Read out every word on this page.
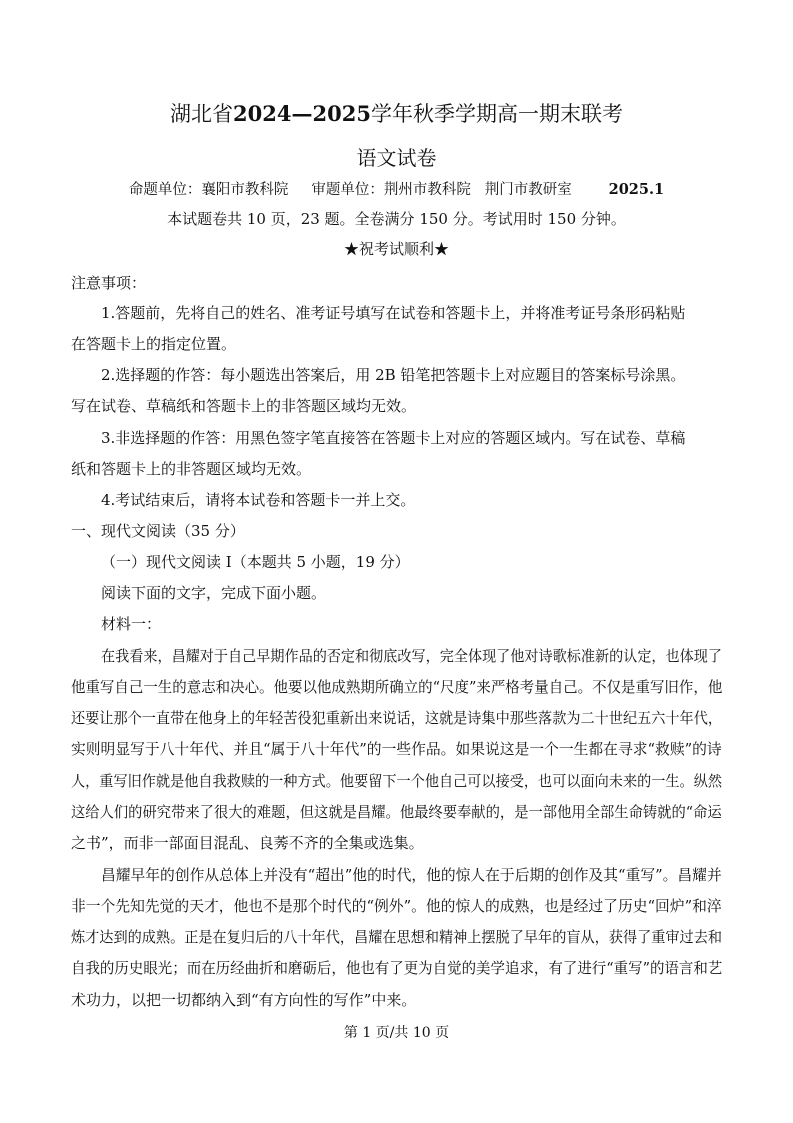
湖北省2024—2025学年秋季学期高一期末联考
语文试卷
命题单位：襄阳市教科院 审题单位：荆州市教科院 荆门市教研室	2025.1
本试题卷共 10 页，23 题。全卷满分 150 分。考试用时 150 分钟。
★祝考试顺利★
注意事项：
1.答题前，先将自己的姓名、准考证号填写在试卷和答题卡上，并将准考证号条形码粘贴
在答题卡上的指定位置。
2.选择题的作答：每小题选出答案后，用 2B 铅笔把答题卡上对应题目的答案标号涂黑。
写在试卷、草稿纸和答题卡上的非答题区域均无效。
3.非选择题的作答：用黑色签字笔直接答在答题卡上对应的答题区域内。写在试卷、草稿
纸和答题卡上的非答题区域均无效。
4.考试结束后，请将本试卷和答题卡一并上交。
一、现代文阅读（35 分）
（一）现代文阅读 I（本题共 5 小题，19 分）
阅读下面的文字，完成下面小题。
材料一：
在我看来，昌耀对于自己早期作品的否定和彻底改写，完全体现了他对诗歌标准新的认定，也体现了
他重写自己一生的意志和决心。他要以他成熟期所确立的“尺度”来严格考量自己。不仅是重写旧作，他
还要让那个一直带在他身上的年轻苦役犯重新出来说话，这就是诗集中那些落款为二十世纪五六十年代，
实则明显写于八十年代、并且“属于八十年代”的一些作品。如果说这是一个一生都在寻求“救赎”的诗
人，重写旧作就是他自我救赎的一种方式。他要留下一个他自己可以接受，也可以面向未来的一生。纵然
这给人们的研究带来了很大的难题，但这就是昌耀。他最终要奉献的，是一部他用全部生命铸就的“命运
之书”，而非一部面目混乱、良莠不齐的全集或选集。
昌耀早年的创作从总体上并没有“超出”他的时代，他的惊人在于后期的创作及其“重写”。昌耀并
非一个先知先觉的天才，他也不是那个时代的“例外”。他的惊人的成熟，也是经过了历史“回炉”和淬
炼才达到的成熟。正是在复归后的八十年代，昌耀在思想和精神上摆脱了早年的盲从，获得了重审过去和
自我的历史眼光；而在历经曲折和磨砺后，他也有了更为自觉的美学追求，有了进行“重写”的语言和艺
术功力，以把一切都纳入到“有方向性的写作”中来。
第 1 页/共 10 页
